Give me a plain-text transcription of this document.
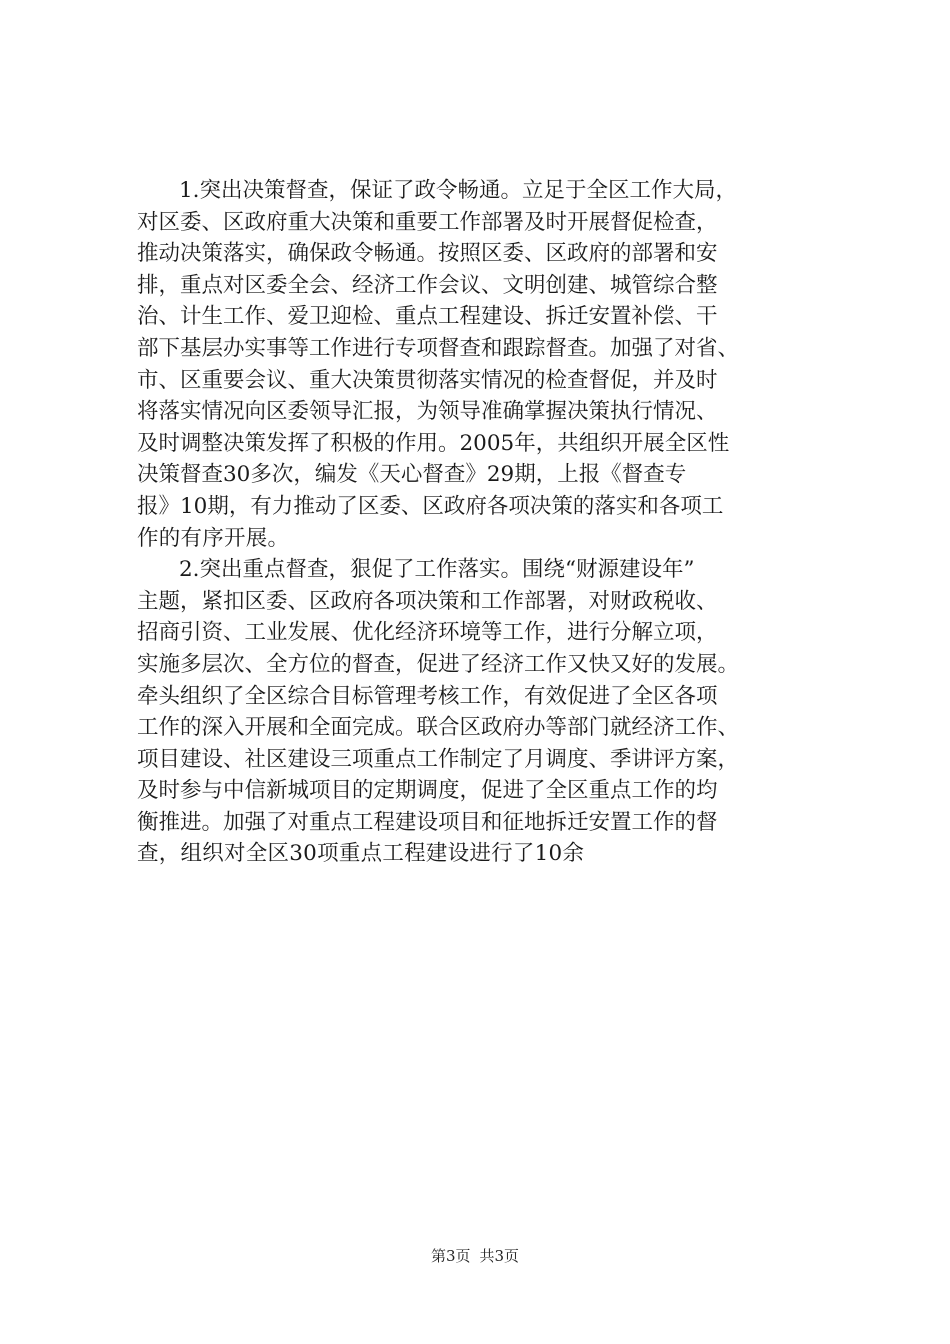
1.突出决策督查，保证了政令畅通。立足于全区工作大局，
对区委、区政府重大决策和重要工作部署及时开展督促检查，
推动决策落实，确保政令畅通。按照区委、区政府的部署和安
排，重点对区委全会、经济工作会议、文明创建、城管综合整
治、计生工作、爱卫迎检、重点工程建设、拆迁安置补偿、干
部下基层办实事等工作进行专项督查和跟踪督查。加强了对省、
市、区重要会议、重大决策贯彻落实情况的检查督促，并及时
将落实情况向区委领导汇报，为领导准确掌握决策执行情况、
及时调整决策发挥了积极的作用。2005年，共组织开展全区性
决策督查30多次，编发《天心督查》29期，上报《督查专
报》10期，有力推动了区委、区政府各项决策的落实和各项工
作的有序开展。
2.突出重点督查，狠促了工作落实。围绕“财源建设年”
主题，紧扣区委、区政府各项决策和工作部署，对财政税收、
招商引资、工业发展、优化经济环境等工作，进行分解立项，
实施多层次、全方位的督查，促进了经济工作又快又好的发展。
牵头组织了全区综合目标管理考核工作，有效促进了全区各项
工作的深入开展和全面完成。联合区政府办等部门就经济工作、
项目建设、社区建设三项重点工作制定了月调度、季讲评方案，
及时参与中信新城项目的定期调度，促进了全区重点工作的均
衡推进。加强了对重点工程建设项目和征地拆迁安置工作的督
查，组织对全区30项重点工程建设进行了10余
第3页 共3页
